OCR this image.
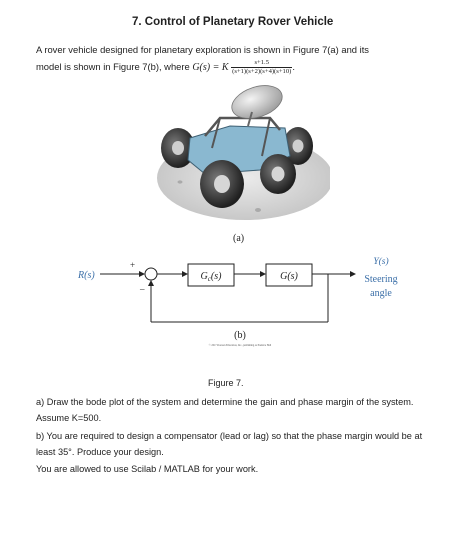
7. Control of Planetary Rover Vehicle
A rover vehicle designed for planetary exploration is shown in Figure 7(a) and its
model is shown in Figure 7(b), where G(s) = K $\frac{s+1.5}{(s+1)(s+2)(s+4)(s+10)}$ .
(a)
R(s)
+
–
$G_c(s)$	G(s)
Y(s)
Steering
angle
(b)
© 2017 Pearson Education, Inc., publishing as Prentice Hall
Figure 7.
a) Draw the bode plot of the system and determine the gain and phase margin of the system. Assume K=500.
b) You are required to design a compensator (lead or lag) so that the phase margin would be at least 35°. Produce your design.
You are allowed to use Scilab / MATLAB for your work.
